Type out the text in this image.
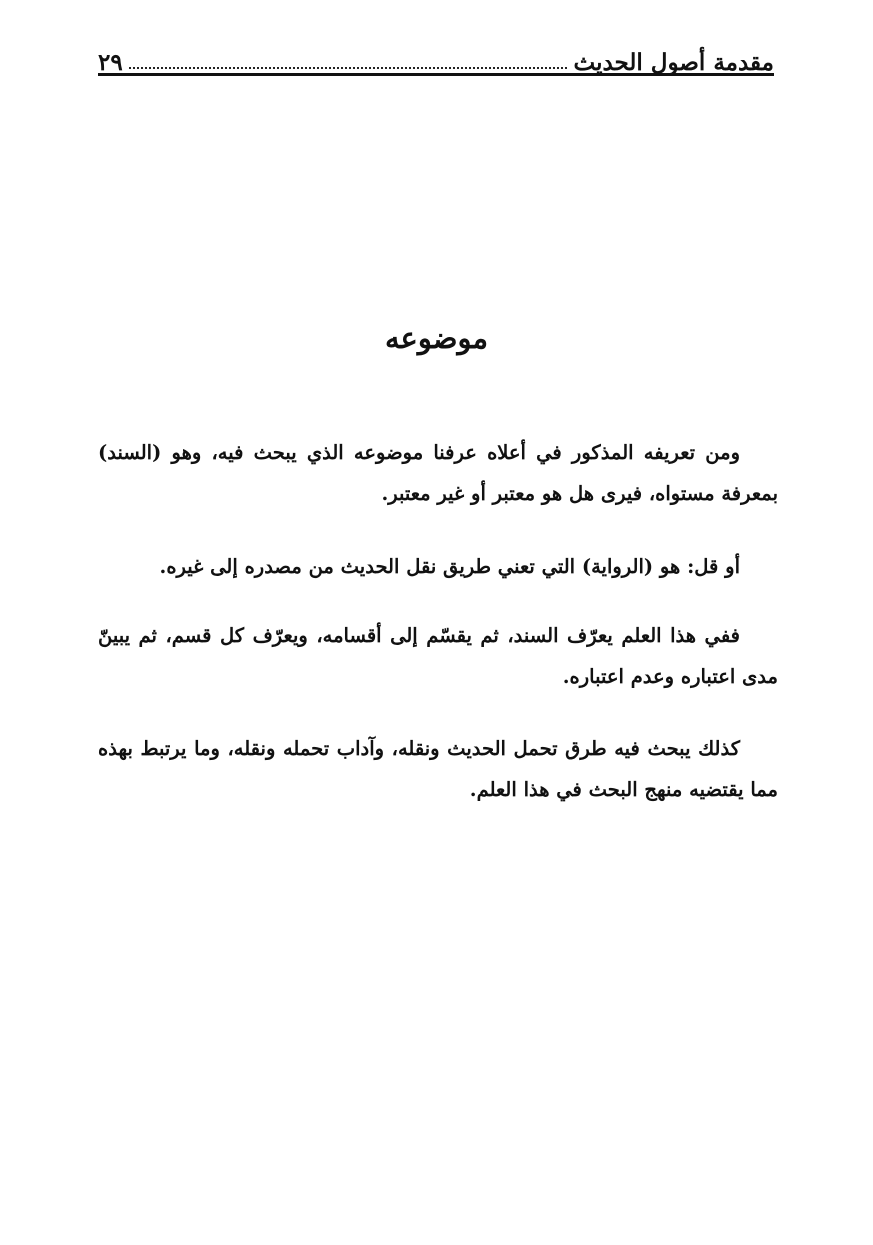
مقدمة أصول الحديث
٢٩
موضوعه

ومن تعريفه المذكور في أعلاه عرفنا موضوعه الذي يبحث فيه، وهو (السند) بمعرفة مستواه، فيرى هل هو معتبر أو غير معتبر.

أو قل: هو (الرواية) التي تعني طريق نقل الحديث من مصدره إلى غيره.

ففي هذا العلم يعرّف السند، ثم يقسّم إلى أقسامه، ويعرّف كل قسم، ثم يبينّ مدى اعتباره وعدم اعتباره.

كذلك يبحث فيه طرق تحمل الحديث ونقله، وآداب تحمله ونقله، وما يرتبط بهذه مما يقتضيه منهج البحث في هذا العلم.
